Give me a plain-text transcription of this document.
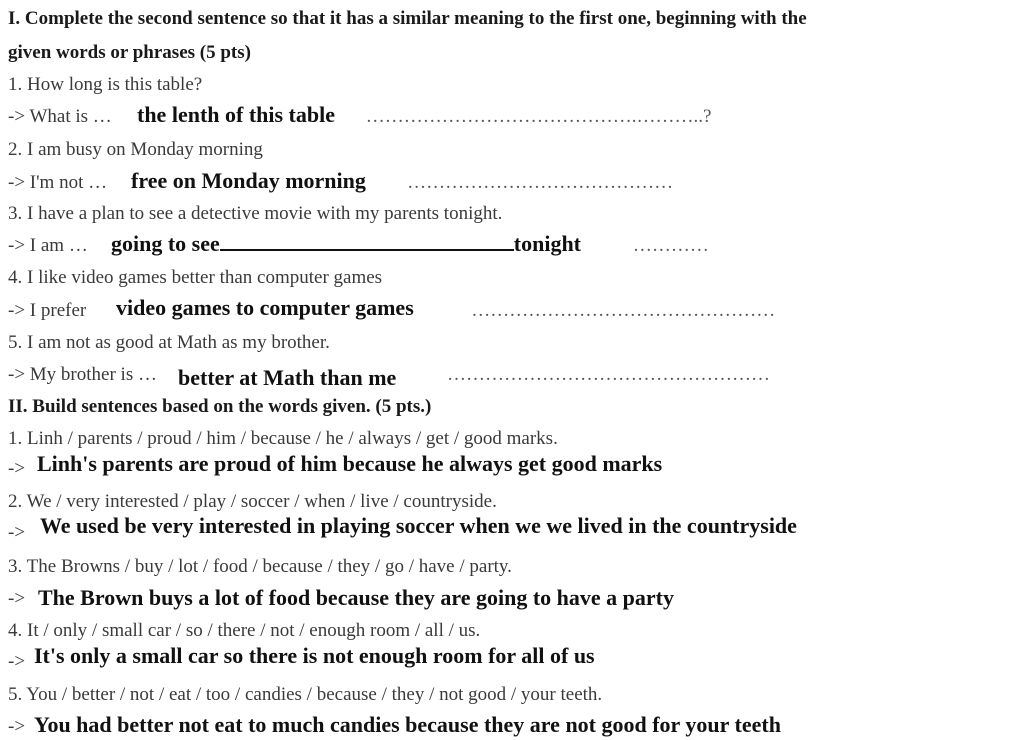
I. Complete the second sentence so that it has a similar meaning to the first one, beginning with the
given words or phrases (5 pts)
1. How long is this table?
-> What is …	…………………………………….………..?
the lenth of this table
2. I am busy on Monday morning
-> I'm not …	……………………………………
free on Monday morning
3. I have a plan to see a detective movie with my parents tonight.
-> I am …	…………
going to see	tonight
4. I like video games better than computer games
-> I prefer	…………………………………………
video games to computer games
5. I am not as good at Math as my brother.
-> My brother is …	……………………………………………
better at Math than me
II. Build sentences based on the words given. (5 pts.)
1. Linh / parents / proud / him / because / he / always / get / good marks.
-> Linh's parents are proud of him because he always get good marks
2. We / very interested / play / soccer / when / live / countryside.
-> We used be very interested in playing soccer when we we lived in the countryside
3. The Browns / buy / lot / food / because / they / go / have / party.
-> The Brown buys a lot of food because they are going to have a party
4. It / only / small car / so / there / not / enough room / all / us.
-> It's only a small car so there is not enough room for all of us
5. You / better / not / eat / too / candies / because / they / not good / your teeth.
-> You had better not eat to much candies because they are not good for your teeth
